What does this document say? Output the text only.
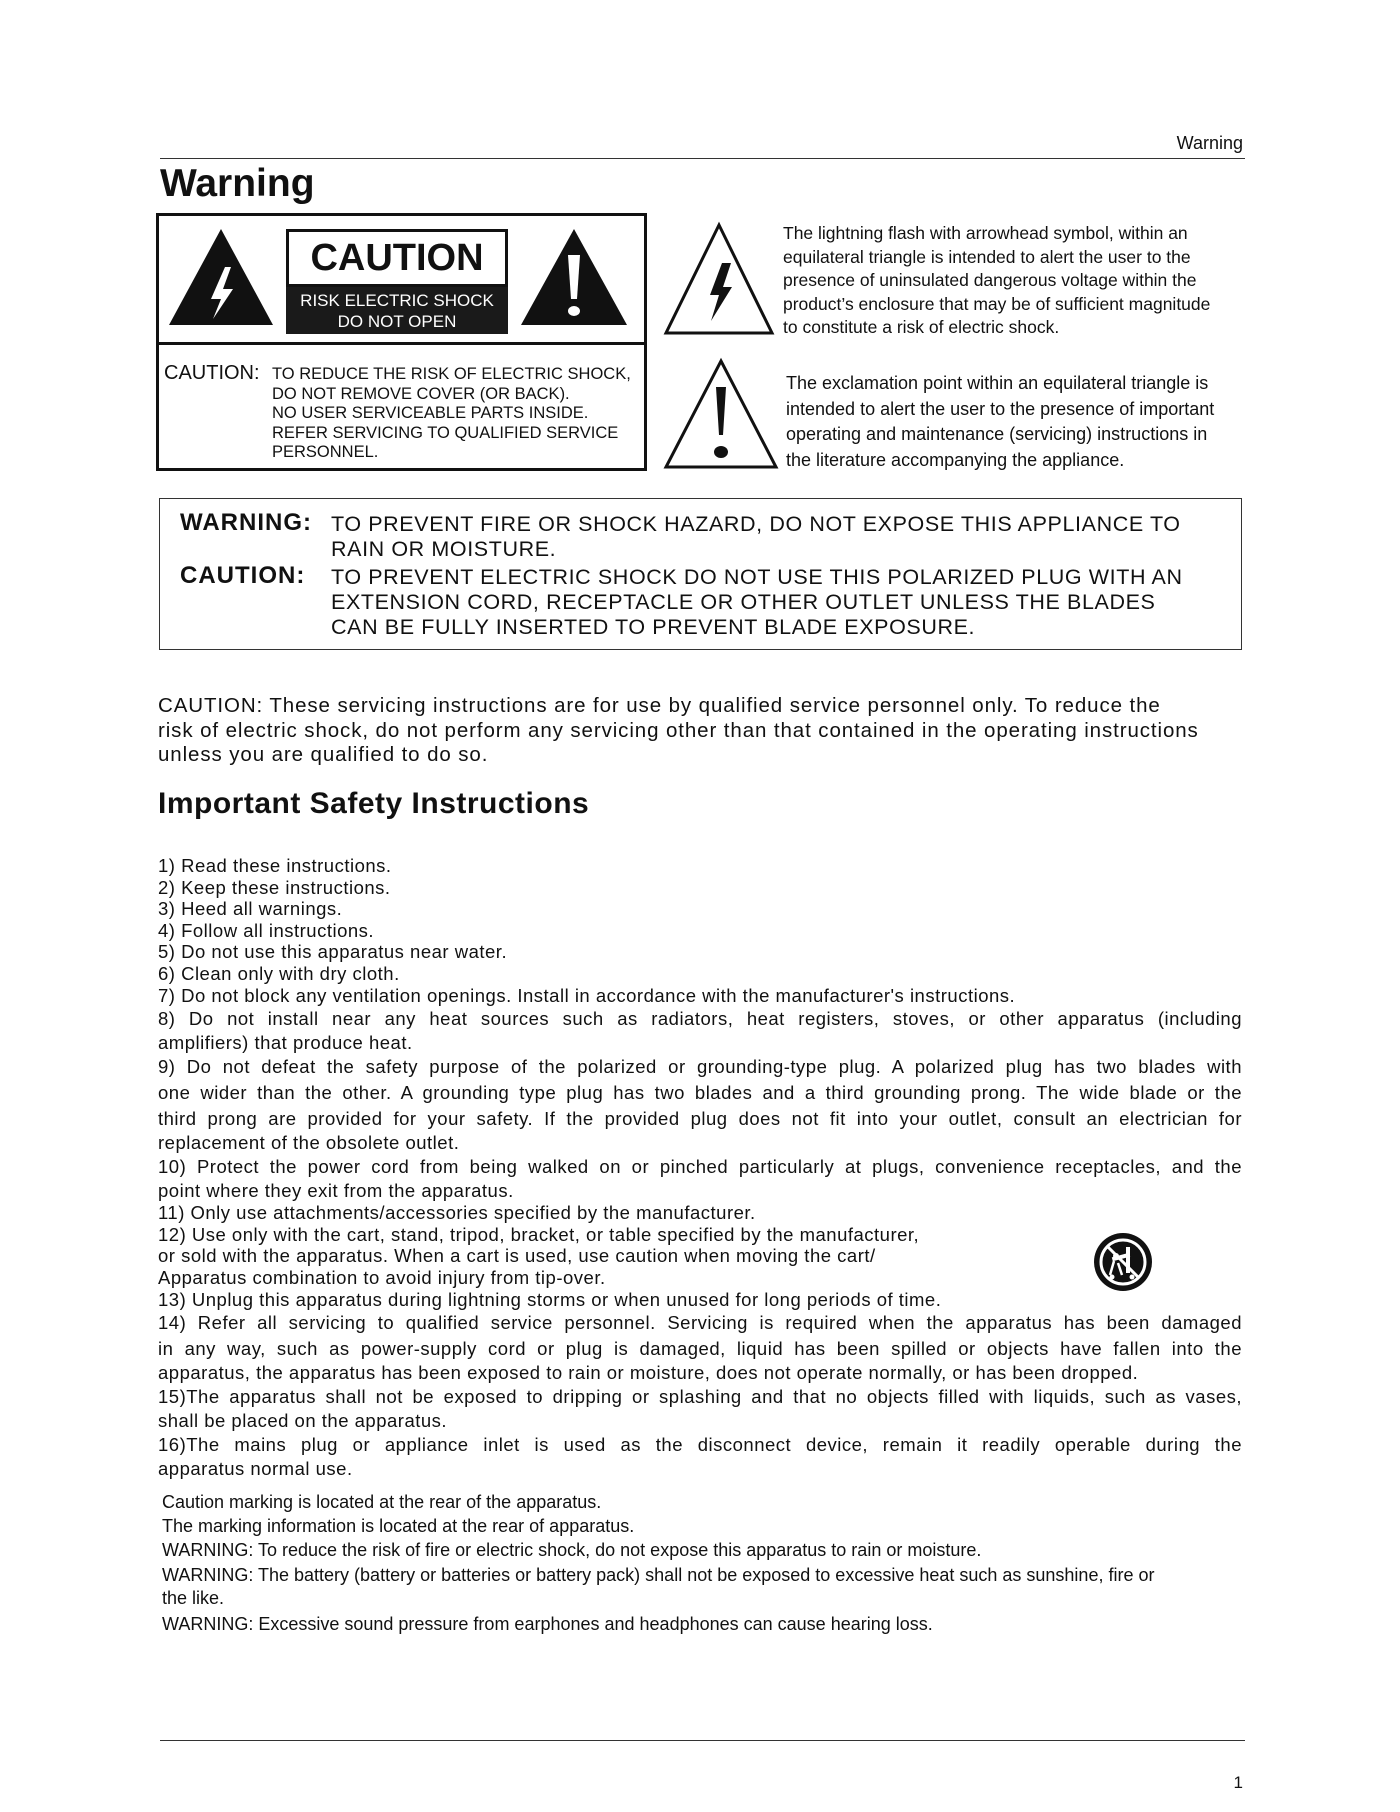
Warning
Warning
CAUTION
RISK ELECTRIC SHOCK
DO NOT OPEN
CAUTION: TO REDUCE THE RISK OF ELECTRIC SHOCK,
DO NOT REMOVE COVER (OR BACK).
NO USER SERVICEABLE PARTS INSIDE.
REFER SERVICING TO QUALIFIED SERVICE
PERSONNEL.
The lightning flash with arrowhead symbol, within an
equilateral triangle is intended to alert the user to the
presence of uninsulated dangerous voltage within the
product’s enclosure that may be of sufficient magnitude
to constitute a risk of electric shock.
The exclamation point within an equilateral triangle is
intended to alert the user to the presence of important
operating and maintenance (servicing) instructions in
the literature accompanying the appliance.
WARNING: TO PREVENT FIRE OR SHOCK HAZARD, DO NOT EXPOSE THIS APPLIANCE TO
RAIN OR MOISTURE.
CAUTION: TO PREVENT ELECTRIC SHOCK DO NOT USE THIS POLARIZED PLUG WITH AN
EXTENSION CORD, RECEPTACLE OR OTHER OUTLET UNLESS THE BLADES
CAN BE FULLY INSERTED TO PREVENT BLADE EXPOSURE.
CAUTION: These servicing instructions are for use by qualified service personnel only. To reduce the
risk of electric shock, do not perform any servicing other than that contained in the operating instructions
unless you are qualified to do so.
Important Safety Instructions
1) Read these instructions.
2) Keep these instructions.
3) Heed all warnings.
4) Follow all instructions.
5) Do not use this apparatus near water.
6) Clean only with dry cloth.
7) Do not block any ventilation openings. Install in accordance with the manufacturer's instructions.
8) Do not install near any heat sources such as radiators, heat registers, stoves, or other apparatus (including
amplifiers) that produce heat.
9) Do not defeat the safety purpose of the polarized or grounding-type plug. A polarized plug has two blades with
one wider than the other. A grounding type plug has two blades and a third grounding prong. The wide blade or the
third prong are provided for your safety. If the provided plug does not fit into your outlet, consult an electrician for
replacement of the obsolete outlet.
10) Protect the power cord from being walked on or pinched particularly at plugs, convenience receptacles, and the
point where they exit from the apparatus.
11) Only use attachments/accessories specified by the manufacturer.
12) Use only with the cart, stand, tripod, bracket, or table specified by the manufacturer,
or sold with the apparatus. When a cart is used, use caution when moving the cart/
Apparatus combination to avoid injury from tip-over.
13) Unplug this apparatus during lightning storms or when unused for long periods of time.
14) Refer all servicing to qualified service personnel. Servicing is required when the apparatus has been damaged
in any way, such as power-supply cord or plug is damaged, liquid has been spilled or objects have fallen into the
apparatus, the apparatus has been exposed to rain or moisture, does not operate normally, or has been dropped.
15)The apparatus shall not be exposed to dripping or splashing and that no objects filled with liquids, such as vases,
shall be placed on the apparatus.
16)The mains plug or appliance inlet is used as the disconnect device, remain it readily operable during the
apparatus normal use.
Caution marking is located at the rear of the apparatus.
The marking information is located at the rear of apparatus.
WARNING: To reduce the risk of fire or electric shock, do not expose this apparatus to rain or moisture.
WARNING: The battery (battery or batteries or battery pack) shall not be exposed to excessive heat such as sunshine, fire or
the like.
WARNING: Excessive sound pressure from earphones and headphones can cause hearing loss.
1
